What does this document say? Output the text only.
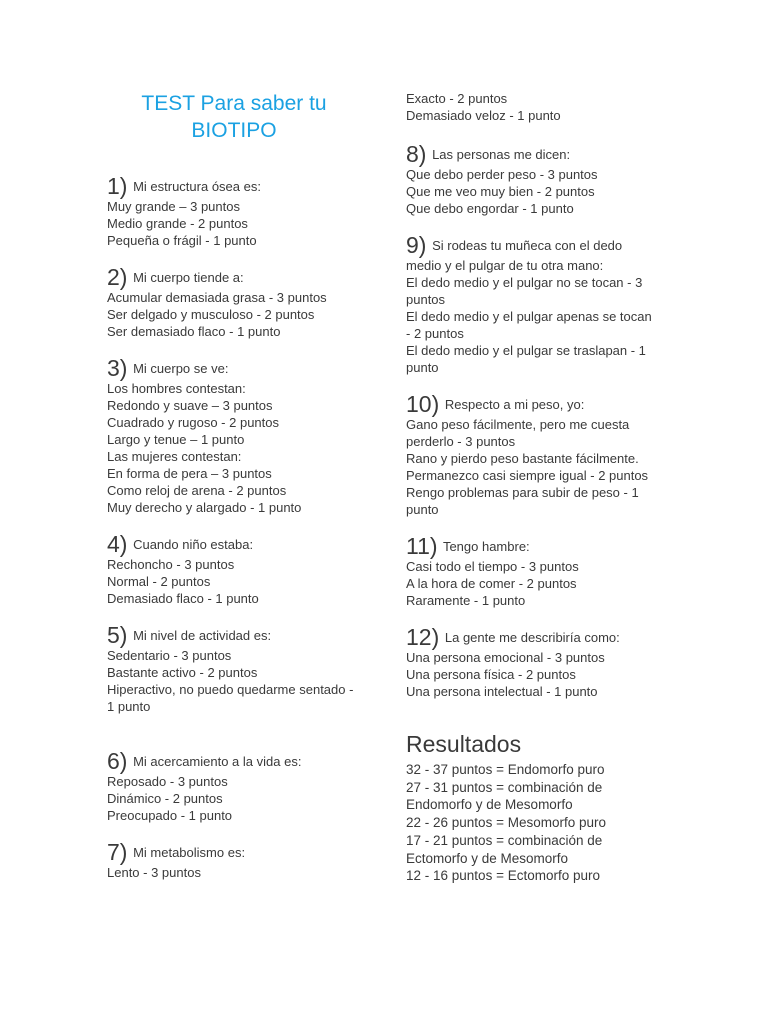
TEST Para saber tu
BIOTIPO
1) Mi estructura ósea es:
Muy grande – 3 puntos
Medio grande - 2 puntos
Pequeña o frágil - 1 punto
2) Mi cuerpo tiende a:
Acumular demasiada grasa - 3 puntos
Ser delgado y musculoso - 2 puntos
Ser demasiado flaco - 1 punto
3) Mi cuerpo se ve:
Los hombres contestan:
Redondo y suave – 3 puntos
Cuadrado y rugoso - 2 puntos
Largo y tenue – 1 punto
Las mujeres contestan:
En forma de pera – 3 puntos
Como reloj de arena - 2 puntos
Muy derecho y alargado - 1 punto
4) Cuando niño estaba:
Rechoncho - 3 puntos
Normal - 2 puntos
Demasiado flaco - 1 punto
5) Mi nivel de actividad es:
Sedentario - 3 puntos
Bastante activo - 2 puntos
Hiperactivo, no puedo quedarme sentado -
1 punto
6) Mi acercamiento a la vida es:
Reposado - 3 puntos
Dinámico - 2 puntos
Preocupado - 1 punto
7) Mi metabolismo es:
Lento - 3 puntos
Exacto - 2 puntos
Demasiado veloz - 1 punto
8) Las personas me dicen:
Que debo perder peso - 3 puntos
Que me veo muy bien - 2 puntos
Que debo engordar - 1 punto
9) Si rodeas tu muñeca con el dedo
medio y el pulgar de tu otra mano:
El dedo medio y el pulgar no se tocan - 3
puntos
El dedo medio y el pulgar apenas se tocan
- 2 puntos
El dedo medio y el pulgar se traslapan - 1
punto
10) Respecto a mi peso, yo:
Gano peso fácilmente, pero me cuesta
perderlo - 3 puntos
Rano y pierdo peso bastante fácilmente.
Permanezco casi siempre igual - 2 puntos
Rengo problemas para subir de peso - 1
punto
11) Tengo hambre:
Casi todo el tiempo - 3 puntos
A la hora de comer - 2 puntos
Raramente - 1 punto
12) La gente me describiría como:
Una persona emocional - 3 puntos
Una persona física - 2 puntos
Una persona intelectual - 1 punto
Resultados
32 - 37 puntos = Endomorfo puro
27 - 31 puntos = combinación de
Endomorfo y de Mesomorfo
22 - 26 puntos = Mesomorfo puro
17 - 21 puntos = combinación de
Ectomorfo y de Mesomorfo
12 - 16 puntos = Ectomorfo puro
